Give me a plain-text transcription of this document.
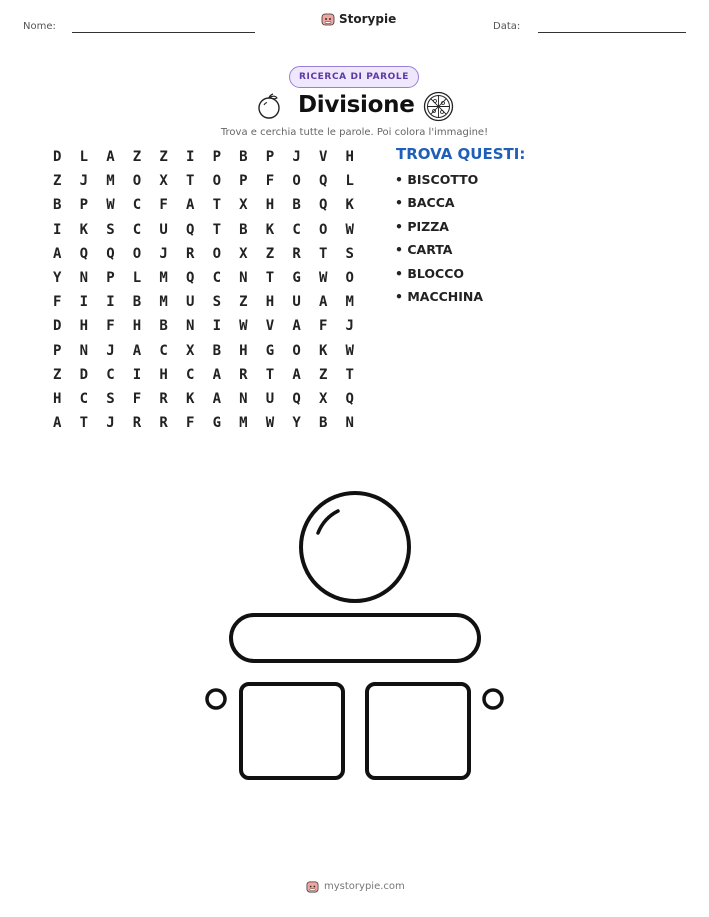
Nome:
Storypie
Data:
RICERCA DI PAROLE
Divisione
Trova e cerchia tutte le parole. Poi colora l'immagine!
D	L	A	Z	Z	I	P	B	P	J	V	H
Z	J	M	O	X	T	O	P	F	O	Q	L
B	P	W	C	F	A	T	X	H	B	Q	K
I	K	S	C	U	Q	T	B	K	C	O	W
A	Q	Q	O	J	R	O	X	Z	R	T	S
Y	N	P	L	M	Q	C	N	T	G	W	O
F	I	I	B	M	U	S	Z	H	U	A	M
D	H	F	H	B	N	I	W	V	A	F	J
P	N	J	A	C	X	B	H	G	O	K	W
Z	D	C	I	H	C	A	R	T	A	Z	T
H	C	S	F	R	K	A	N	U	Q	X	Q
A	T	J	R	R	F	G	M	W	Y	B	N
TROVA QUESTI:
• BISCOTTO
• BACCA
• PIZZA
• CARTA
• BLOCCO
• MACCHINA
mystorypie.com
